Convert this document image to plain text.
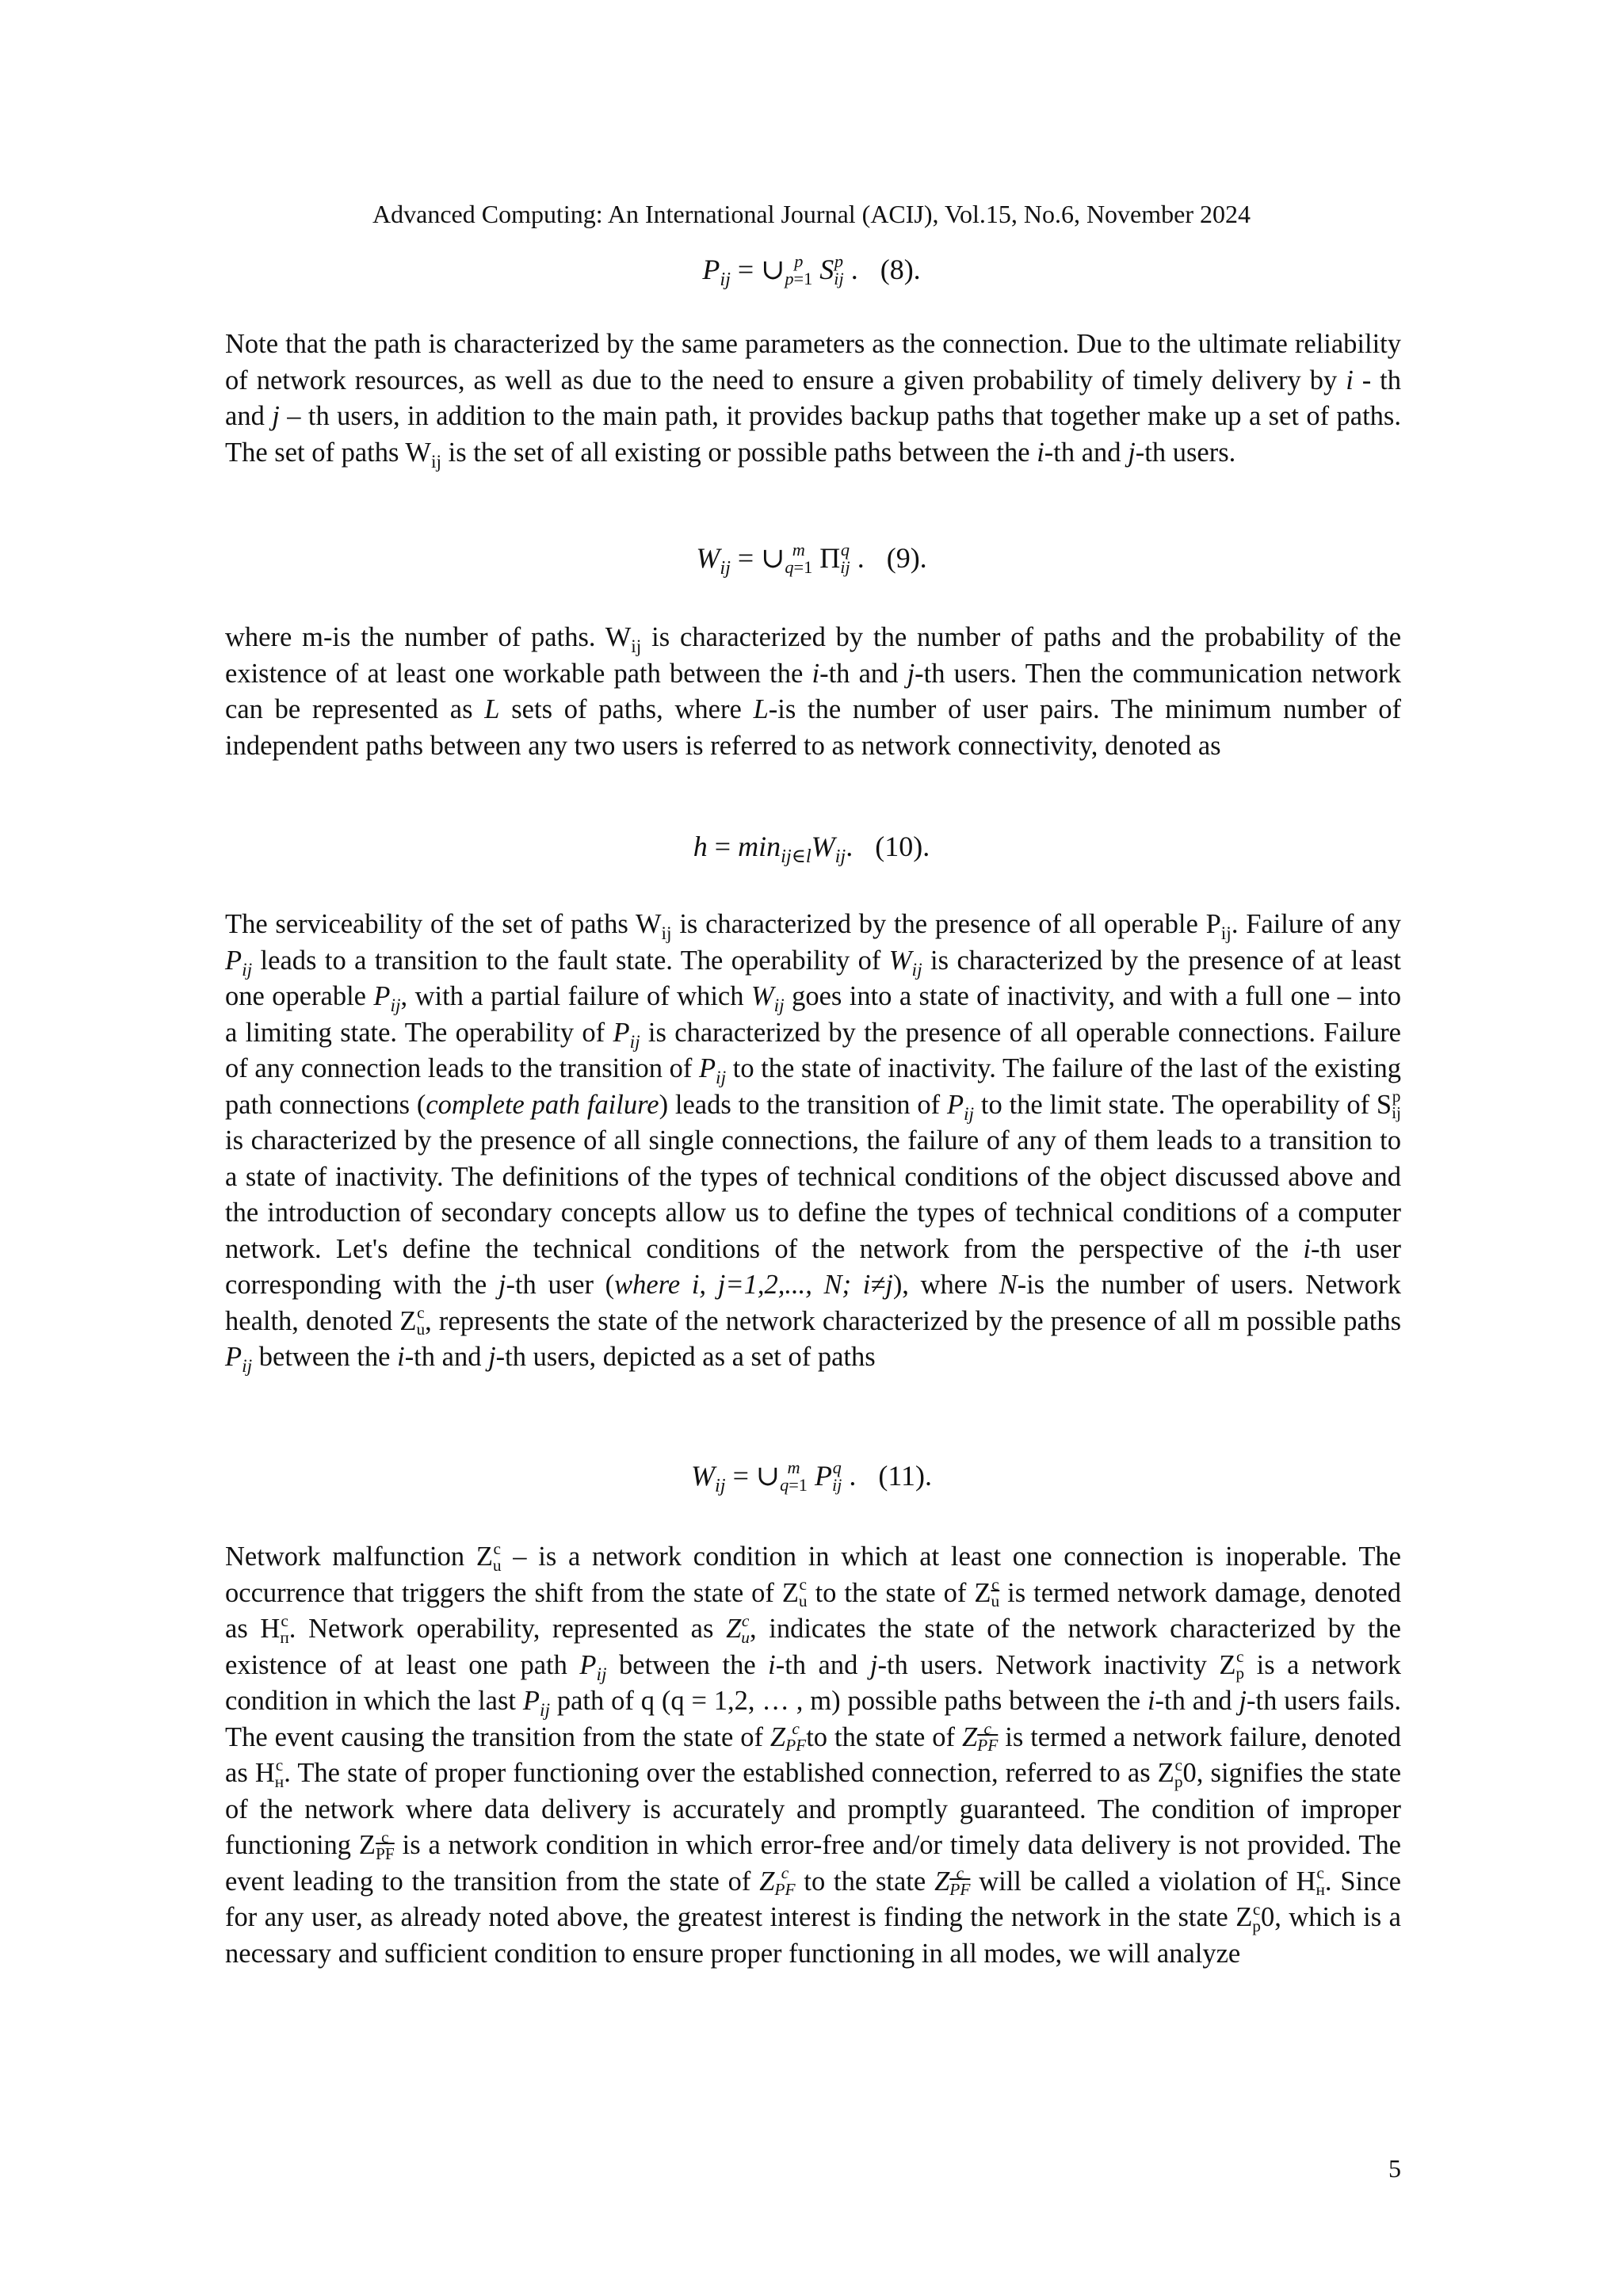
Advanced Computing: An International Journal (ACIJ), Vol.15, No.6, November 2024
$P_{ij}$ = ∪ p
p=1 S p
ij . (8).
Note that the path is characterized by the same parameters as the connection. Due to the ultimate reliability of network resources, as well as due to the need to ensure a given probability of timely delivery by i - th and j – th users, in addition to the main path, it provides backup paths that together make up a set of paths. The set of paths $W_{ij}$ is the set of all existing or possible paths between the i-th and j-th users.
$W_{ij}$ = ∪ m
q=1 Π q
ij . (9).
where m-is the number of paths. $W_{ij}$ is characterized by the number of paths and the probability of the existence of at least one workable path between the i-th and j-th users. Then the communication network can be represented as L sets of paths, where L-is the number of user pairs. The minimum number of independent paths between any two users is referred to as network connectivity, denoted as
$h = \min_{ij\in l}W_{ij}$. (10).
The serviceability of the set of paths $W_{ij}$ is characterized by the presence of all operable $P_{ij}$. Failure of any $P_{ij}$ leads to a transition to the fault state. The operability of $W_{ij}$ is characterized by the presence of at least one operable $P_{ij}$, with a partial failure of which $W_{ij}$ goes into a state of inactivity, and with a full one – into a limiting state. The operability of $P_{ij}$ is characterized by the presence of all operable connections. Failure of any connection leads to the transition of $P_{ij}$ to the state of inactivity. The failure of the last of the existing path connections (complete path failure) leads to the transition of $P_{ij}$ to the limit state. The operability of S p
ij
is characterized by the presence of all single connections, the failure of any of them leads to a transition to a state of inactivity. The definitions of the types of technical conditions of the object discussed above and the introduction of secondary concepts allow us to define the types of technical conditions of a computer network. Let's define the technical conditions of the network from the perspective of the i-th user corresponding with the j-th user (where i, j=1,2,..., N; i≠j), where N-is the number of users. Network health, denoted Z c
u , represents the state of the network characterized by the presence of all m possible paths $P_{ij}$ between the i-th and j-th users, depicted as a set of paths
$W_{ij}$ = ∪ m
q=1 P q
ij . (11).
Network malfunction Z c
u – is a network condition in which at least one connection is inoperable. The occurrence that triggers the shift from the state of Z c
u to the state of Z $\frac{c}{u}$ is termed network damage, denoted as H c
п . Network operability, represented as Z c
u , indicates the state of the network characterized by the existence of at least one path $P_{ij}$ between the i-th and j-th users. Network inactivity Z c
p is a network condition in which the last $P_{ij}$ path of q (q = 1,2, … , m) possible paths between the i-th and j-th users fails. The event causing the transition from the state of Z c
PF to the state of Z $\frac{c}{PF}$ is termed a network failure, denoted as H c
н . The state of proper functioning over the established connection, referred to as Z c
p 0, signifies the state of the network where data delivery is accurately and promptly guaranteed. The condition of improper functioning Z $\frac{c}{PF}$ is a network condition in which error-free and/or timely data delivery is not provided. The event leading to the transition from the state of Z c
PF to the state Z $\frac{c}{PF}$ will be called a violation of H c
н . Since for any user, as already noted above, the greatest interest is finding the network in the state Z c
p 0, which is a necessary and sufficient condition to ensure proper functioning in all modes, we will analyze
5
